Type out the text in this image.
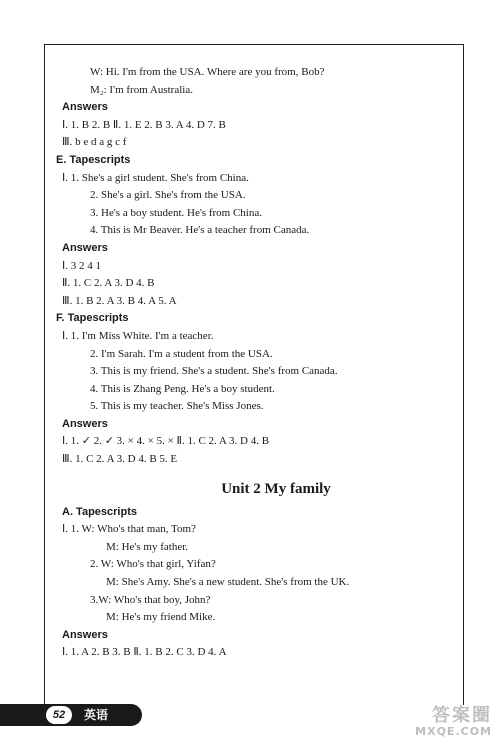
W: Hi. I'm from the USA. Where are you from, Bob?
M₂: I'm from Australia.
Answers
Ⅰ. 1. B 2. B Ⅱ. 1. E 2. B 3. A 4. D 7. B
Ⅲ. b e d a g c f
E. Tapescripts
Ⅰ. 1. She's a girl student. She's from China.
2. She's a girl. She's from the USA.
3. He's a boy student. He's from China.
4. This is Mr Beaver. He's a teacher from Canada.
Answers
Ⅰ. 3 2 4 1
Ⅱ. 1. C 2. A 3. D 4. B
Ⅲ. 1. B 2. A 3. B 4. A 5. A
F. Tapescripts
Ⅰ. 1. I'm Miss White. I'm a teacher.
2. I'm Sarah. I'm a student from the USA.
3. This is my friend. She's a student. She's from Canada.
4. This is Zhang Peng. He's a boy student.
5. This is my teacher. She's Miss Jones.
Answers
Ⅰ. 1. ✓ 2. ✓ 3. × 4. × 5. × Ⅱ. 1. C 2. A 3. D 4. B
Ⅲ. 1. C 2. A 3. D 4. B 5. E
Unit 2 My family
A. Tapescripts
Ⅰ. 1. W: Who's that man, Tom?
M: He's my father.
2. W: Who's that girl, Yifan?
M: She's Amy. She's a new student. She's from the UK.
3.W: Who's that boy, John?
M: He's my friend Mike.
Answers
Ⅰ. 1. A 2. B 3. B Ⅱ. 1. B 2. C 3. D 4. A
52	英语	答案圈
MXQE.COM
